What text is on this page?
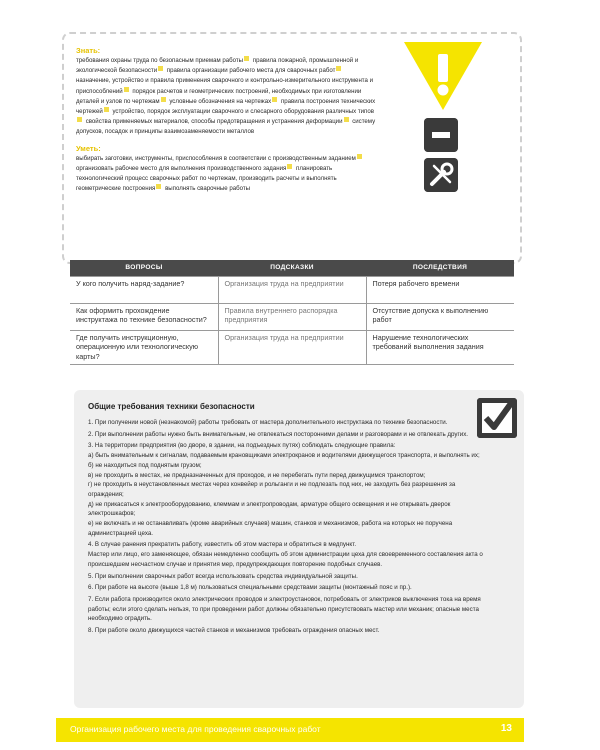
Знать:
требования охраны труда по безопасным приемам работы правила пожарной, промышленной и экологической безопасности правила организации рабочего места для сварочных работ назначение, устройство и правила применения сварочного и контрольно-измерительного инструмента и приспособлений порядок расчетов и геометрических построений, необходимых при изготовлении деталей и узлов по чертежам условные обозначения на чертежах правила построения технических чертежей устройство, порядок эксплуатации сварочного и слесарного оборудования различных типов свойства применяемых материалов, способы предотвращения и устранения деформации систему допусков, посадок и принципы взаимозаменяемости металлов
Уметь:
выбирать заготовки, инструменты, приспособления в соответствии с производственным заданием организовать рабочее место для выполнения производственного задания планировать технологический процесс сварочных работ по чертежам, производить расчеты и выполнять геометрические построения выполнять сварочные работы
ВОПРОСЫ	ПОДСКАЗКИ	ПОСЛЕДСТВИЯ
У кого получить наряд-задание?	Организация труда на предприятии	Потеря рабочего времени
Как оформить прохождение инструктажа по технике безопасности?	Правила внутреннего распорядка предприятия	Отсутствие допуска к выполнению работ
Где получить инструкционную, операционную или технологическую карты?	Организация труда на предприятии	Нарушение технологических требований выполнения задания
Общие требования техники безопасности
1. При получении новой (незнакомой) работы требовать от мастера дополнительного инструктажа по технике безопасности.
2. При выполнении работы нужно быть внимательным, не отвлекаться посторонними делами и разговорами и не отвлекать других.
3. На территории предприятия (во дворе, в здании, на подъездных путях) соблюдать следующие правила:
а) быть внимательным к сигналам, подаваемым крановщиками электрокранов и водителями движущегося транспорта, и выполнять их;
б) не находиться под поднятым грузом;
в) не проходить в местах, не предназначенных для проходов, и не перебегать пути перед движущимся транспортом;
г) не проходить в неустановленных местах через конвейер и рольганги и не подлезать под них, не заходить без разрешения за ограждения;
д) не прикасаться к электрооборудованию, клеммам и электропроводам, арматуре общего освещения и не открывать дверок электрошкафов;
е) не включать и не останавливать (кроме аварийных случаев) машин, станков и механизмов, работа на которых не поручена администрацией цеха.
4. В случае ранения прекратить работу, известить об этом мастера и обратиться в медпункт.
Мастер или лицо, его заменяющее, обязан немедленно сообщить об этом администрации цеха для своевременного составления акта о происшедшем несчастном случае и принятия мер, предупреждающих повторение подобных случаев.
5. При выполнении сварочных работ всегда использовать средства индивидуальной защиты.
6. При работе на высоте (выше 1,8 м) пользоваться специальными средствами защиты (монтажный пояс и пр.).
7. Если работа производится около электрических проводов и электроустановок, потребовать от электриков выключения тока на время работы; если этого сделать нельзя, то при проведении работ должны обязательно присутствовать мастер или механик; опасные места необходимо оградить.
8. При работе около движущихся частей станков и механизмов требовать ограждения опасных мест.
Организация рабочего места для проведения сварочных работ	13
